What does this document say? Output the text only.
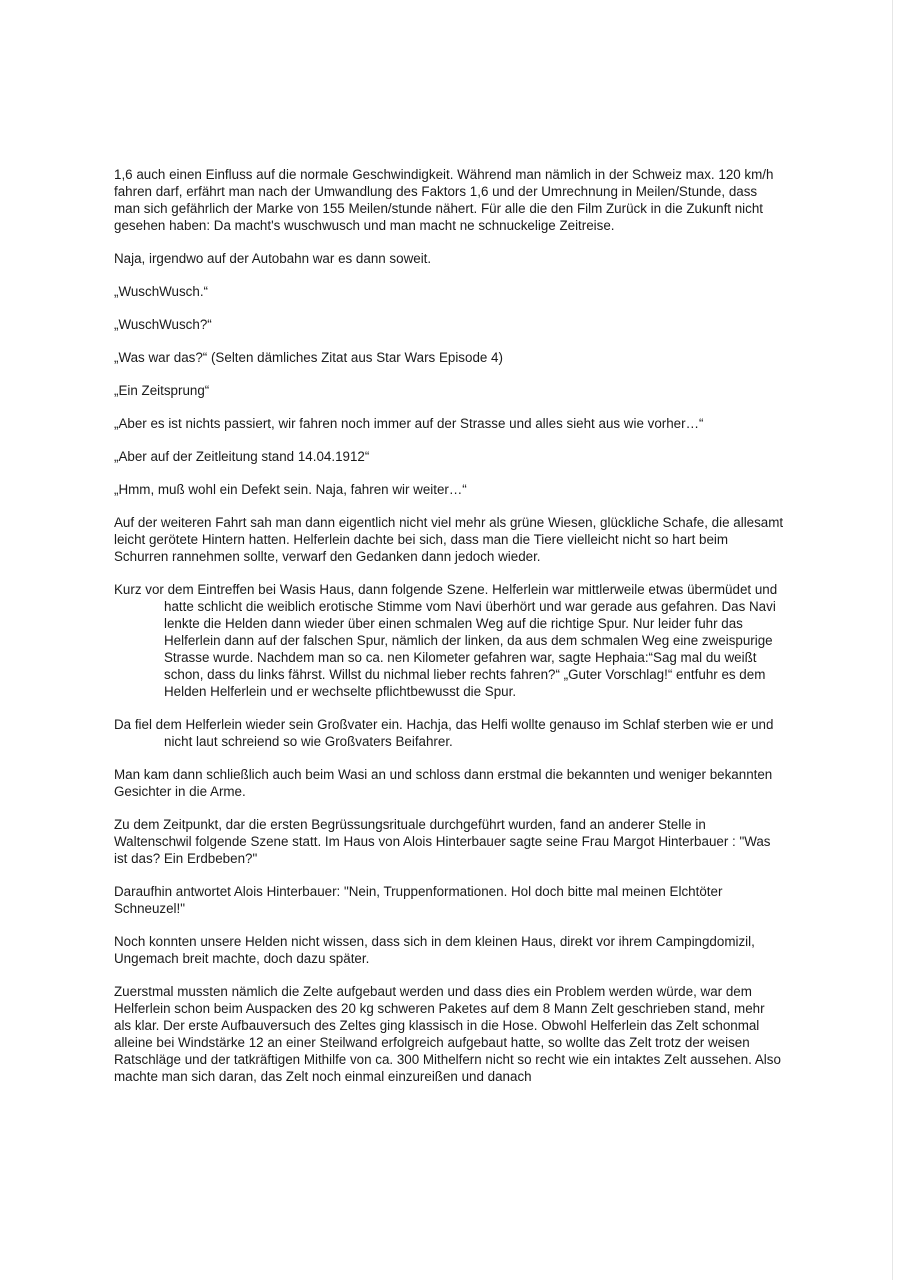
1,6 auch einen Einfluss auf die normale Geschwindigkeit. Während man nämlich in der Schweiz max. 120 km/h fahren darf, erfährt man nach der Umwandlung des Faktors 1,6 und der Umrechnung in Meilen/Stunde, dass man sich gefährlich der Marke von 155 Meilen/stunde nähert. Für alle die den Film Zurück in die Zukunft nicht gesehen haben: Da macht's wuschwusch und man macht ne schnuckelige Zeitreise.

Naja, irgendwo auf der Autobahn war es dann soweit.

„WuschWusch.“

„WuschWusch?“

„Was war das?“ (Selten dämliches Zitat aus Star Wars Episode 4)

„Ein Zeitsprung“

„Aber es ist nichts passiert, wir fahren noch immer auf der Strasse und alles sieht aus wie vorher…“

„Aber auf der Zeitleitung stand 14.04.1912“

„Hmm, muß wohl ein Defekt sein. Naja, fahren wir weiter…“

Auf der weiteren Fahrt sah man dann eigentlich nicht viel mehr als grüne Wiesen, glückliche Schafe, die allesamt leicht gerötete Hintern hatten. Helferlein dachte bei sich, dass man die Tiere vielleicht nicht so hart beim Schurren rannehmen sollte, verwarf den Gedanken dann jedoch wieder.

Kurz vor dem Eintreffen bei Wasis Haus, dann folgende Szene. Helferlein war mittlerweile etwas übermüdet und hatte schlicht die weiblich erotische Stimme vom Navi überhört und war gerade aus gefahren. Das Navi lenkte die Helden dann wieder über einen schmalen Weg auf die richtige Spur. Nur leider fuhr das Helferlein dann auf der falschen Spur, nämlich der linken, da aus dem schmalen Weg eine zweispurige Strasse wurde. Nachdem man so ca. nen Kilometer gefahren war, sagte Hephaia:“Sag mal du weißt schon, dass du links fährst. Willst du nichmal lieber rechts fahren?“ „Guter Vorschlag!“ entfuhr es dem Helden Helferlein und er wechselte pflichtbewusst die Spur.

Da fiel dem Helferlein wieder sein Großvater ein. Hachja, das Helfi wollte genauso im Schlaf sterben wie er und nicht laut schreiend so wie Großvaters Beifahrer.

Man kam dann schließlich auch beim Wasi an und schloss dann erstmal die bekannten und weniger bekannten Gesichter in die Arme.

Zu dem Zeitpunkt, dar die ersten Begrüssungsrituale durchgeführt wurden, fand an anderer Stelle in Waltenschwil folgende Szene statt. Im Haus von Alois Hinterbauer sagte seine Frau Margot Hinterbauer : "Was ist das? Ein Erdbeben?"

Daraufhin antwortet Alois Hinterbauer: "Nein, Truppenformationen. Hol doch bitte mal meinen Elchtöter Schneuzel!"

Noch konnten unsere Helden nicht wissen, dass sich in dem kleinen Haus, direkt vor ihrem Campingdomizil, Ungemach breit machte, doch dazu später.

Zuerstmal mussten nämlich die Zelte aufgebaut werden und dass dies ein Problem werden würde, war dem Helferlein schon beim Auspacken des 20 kg schweren Paketes auf dem 8 Mann Zelt geschrieben stand, mehr als klar. Der erste Aufbauversuch des Zeltes ging klassisch in die Hose. Obwohl Helferlein das Zelt schonmal alleine bei Windstärke 12 an einer Steilwand erfolgreich aufgebaut hatte, so wollte das Zelt trotz der weisen Ratschläge und der tatkräftigen Mithilfe von ca. 300 Mithelfern nicht so recht wie ein intaktes Zelt aussehen. Also machte man sich daran, das Zelt noch einmal einzureißen und danach
